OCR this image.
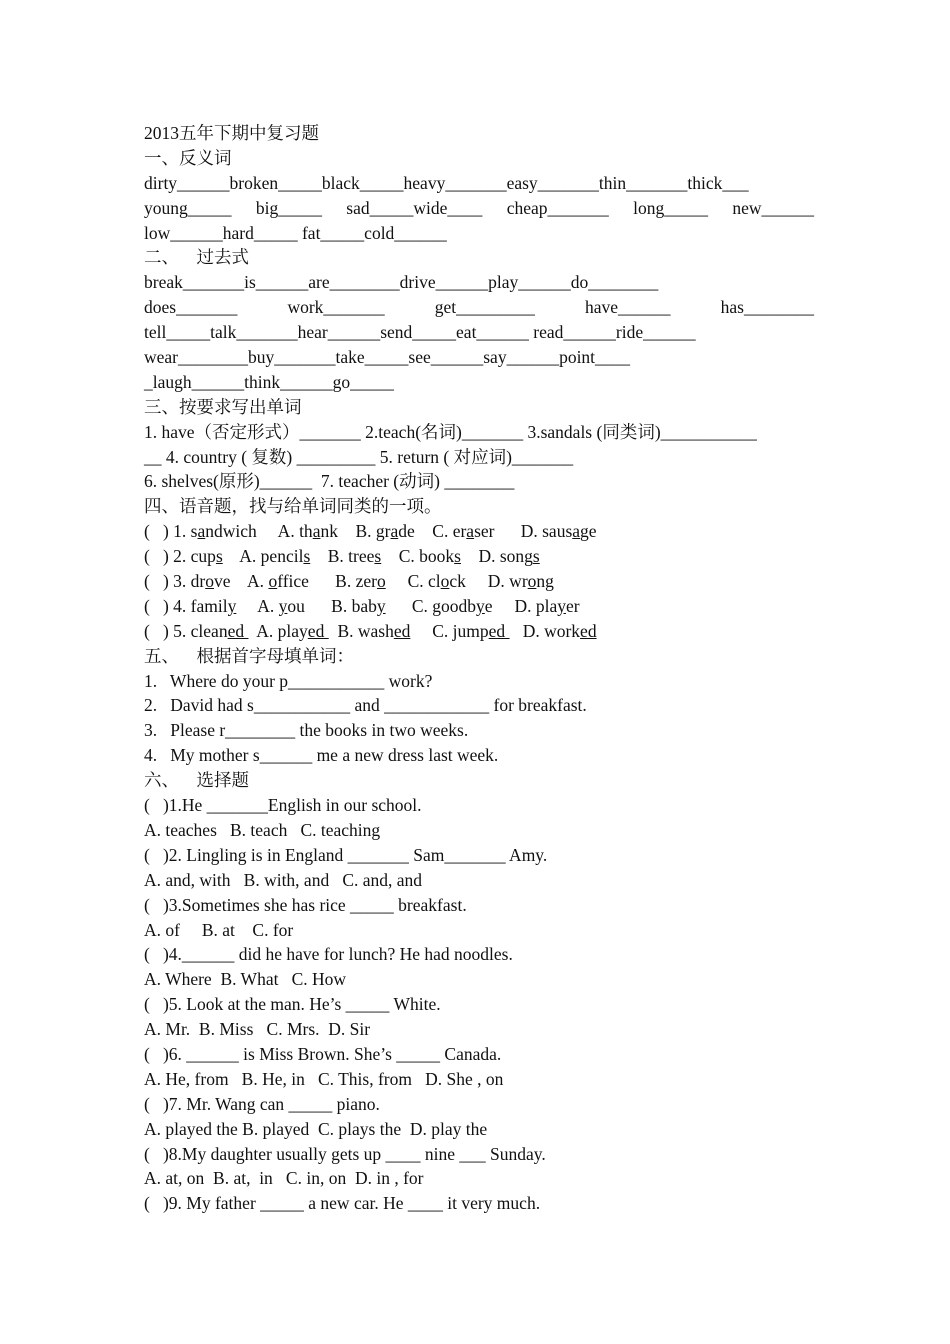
2013五年下期中复习题
一、反义词
dirty______broken_____black_____heavy_______easy_______thin_______thick___
young_____ big_____ sad_____wide____ cheap_______ long_____ new______
low______hard_____ fat_____cold______
二、    过去式
break_______is______are________drive______play______do________
does_______ work_______ get_________ have______ has________
tell_____talk_______hear______send_____eat______ read______ride______
wear________buy_______take_____see______say______point____
_laugh______think______go_____
三、按要求写出单词
1. have（否定形式）_______ 2.teach(名词)_______ 3.sandals (同类词)___________
__ 4. country ( 复数) _________ 5. return ( 对应词)_______
6. shelves(原形)______  7. teacher (动词) ________
四、语音题，找与给单词同类的一项。
(   ) 1. sandwich     A. thank    B. grade    C. eraser      D. sausage
(   ) 2. cups    A. pencils    B. trees    C. books    D. songs
(   ) 3. drove    A. office      B. zero     C. clock     D. wrong
(   ) 4. family     A. you      B. baby      C. goodbye     D. player
(   ) 5. cleaned   A. played   B. washed     C. jumped    D. worked
五、    根据首字母填单词：
1.   Where do your p___________ work?
2.   David had s___________ and ____________ for breakfast.
3.   Please r________ the books in two weeks.
4.   My mother s______ me a new dress last week.
六、    选择题
(   )1.He _______English in our school.
A. teaches   B. teach   C. teaching
(   )2. Lingling is in England _______ Sam_______ Amy.
A. and, with   B. with, and   C. and, and
(   )3.Sometimes she has rice _____ breakfast.
A. of     B. at    C. for
(   )4.______ did he have for lunch? He had noodles.
A. Where  B. What   C. How
(   )5. Look at the man. He’s _____ White.
A. Mr.  B. Miss   C. Mrs.  D. Sir
(   )6. ______ is Miss Brown. She’s _____ Canada.
A. He, from   B. He, in   C. This, from   D. She , on
(   )7. Mr. Wang can _____ piano.
A. played the B. played  C. plays the  D. play the
(   )8.My daughter usually gets up ____ nine ___ Sunday.
A. at, on  B. at,  in   C. in, on  D. in , for
(   )9. My father _____ a new car. He ____ it very much.
